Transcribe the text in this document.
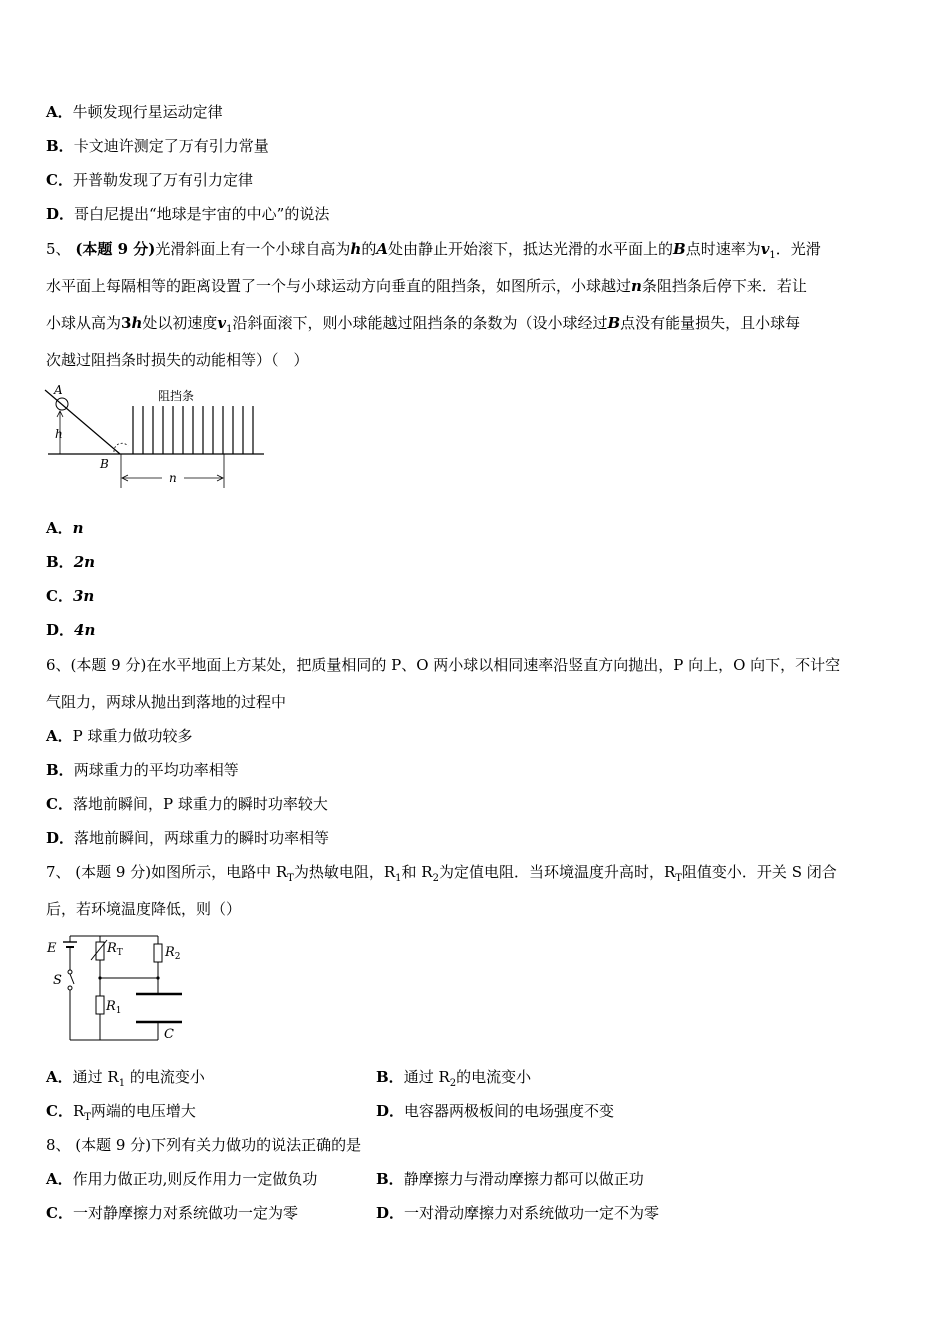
A．牛顿发现行星运动定律
B．卡文迪许测定了万有引力常量
C．开普勒发现了万有引力定律
D．哥白尼提出“地球是宇宙的中心”的说法
5、 (本题 9 分)光滑斜面上有一个小球自高为h的A处由静止开始滚下，抵达光滑的水平面上的B点时速率为$v_1$．光滑
水平面上每隔相等的距离设置了一个与小球运动方向垂直的阻挡条，如图所示，小球越过n条阻挡条后停下来．若让
小球从高为3h处以初速度$v_1$沿斜面滚下，则小球能越过阻挡条的条数为（设小球经过B点没有能量损失，且小球每
次越过阻挡条时损失的动能相等）（　）
A
h
B
阻挡条
n
A．n
B．2n
C．3n
D．4n
6、(本题 9 分)在水平地面上方某处，把质量相同的 P、O 两小球以相同速率沿竖直方向抛出，P 向上，O 向下，不计空
气阻力，两球从抛出到落地的过程中
A．P 球重力做功较多
B．两球重力的平均功率相等
C．落地前瞬间，P 球重力的瞬时功率较大
D．落地前瞬间，两球重力的瞬时功率相等
7、 (本题 9 分)如图所示，电路中 $R_T$为热敏电阻，$R_1$和 $R_2$为定值电阻．当环境温度升高时，$R_T$阻值变小．开关 S 闭合
后，若环境温度降低，则（）
E
S
$R_T$	$R_2$
$R_1$
C
A．通过 $R_1$ 的电流变小	B．通过 $R_2$的电流变小
C．$R_T$两端的电压增大	D．电容器两极板间的电场强度不变
8、 (本题 9 分)下列有关力做功的说法正确的是
A．作用力做正功,则反作用力一定做负功	B．静摩擦力与滑动摩擦力都可以做正功
C．一对静摩擦力对系统做功一定为零	D．一对滑动摩擦力对系统做功一定不为零
